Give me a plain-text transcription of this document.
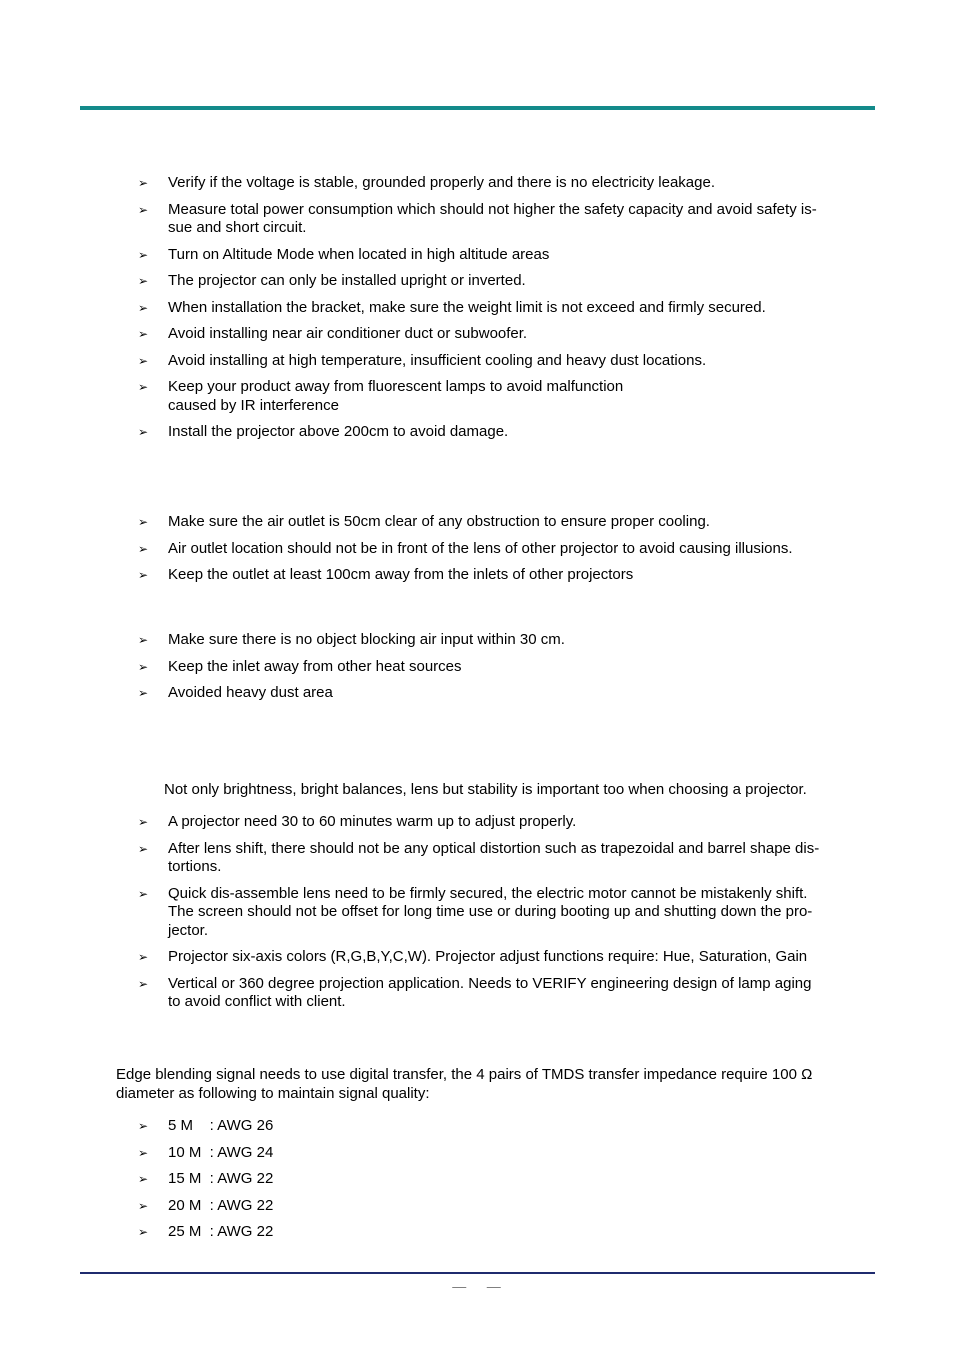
➢ Verify if the voltage is stable, grounded properly and there is no electricity leakage.
➢ Measure total power consumption which should not higher the safety capacity and avoid safety is-
sue and short circuit.
➢ Turn on Altitude Mode when located in high altitude areas
➢ The projector can only be installed upright or inverted.
➢ When installation the bracket, make sure the weight limit is not exceed and firmly secured.
➢ Avoid installing near air conditioner duct or subwoofer.
➢ Avoid installing at high temperature, insufficient cooling and heavy dust locations.
➢ Keep your product away from fluorescent lamps to avoid malfunction
caused by IR interference
➢ Install the projector above 200cm to avoid damage.
➢ Make sure the air outlet is 50cm clear of any obstruction to ensure proper cooling.
➢ Air outlet location should not be in front of the lens of other projector to avoid causing illusions.
➢ Keep the outlet at least 100cm away from the inlets of other projectors
➢ Make sure there is no object blocking air input within 30 cm.
➢ Keep the inlet away from other heat sources
➢ Avoided heavy dust area

Not only brightness, bright balances, lens but stability is important too when choosing a projector.

➢ A projector need 30 to 60 minutes warm up to adjust properly.
➢ After lens shift, there should not be any optical distortion such as trapezoidal and barrel shape dis-
tortions.
➢ Quick dis-assemble lens need to be firmly secured, the electric motor cannot be mistakenly shift.
The screen should not be offset for long time use or during booting up and shutting down the pro-
jector.
➢ Projector six-axis colors (R,G,B,Y,C,W). Projector adjust functions require: Hue, Saturation, Gain
➢ Vertical or 360 degree projection application. Needs to VERIFY engineering design of lamp aging
to avoid conflict with client.
Edge blending signal needs to use digital transfer, the 4 pairs of TMDS transfer impedance require 100 Ω
diameter as following to maintain signal quality:
➢ 5 M    : AWG 26
➢ 10 M  : AWG 24
➢ 15 M  : AWG 22
➢ 20 M  : AWG 22
➢ 25 M  : AWG 22
—    —
